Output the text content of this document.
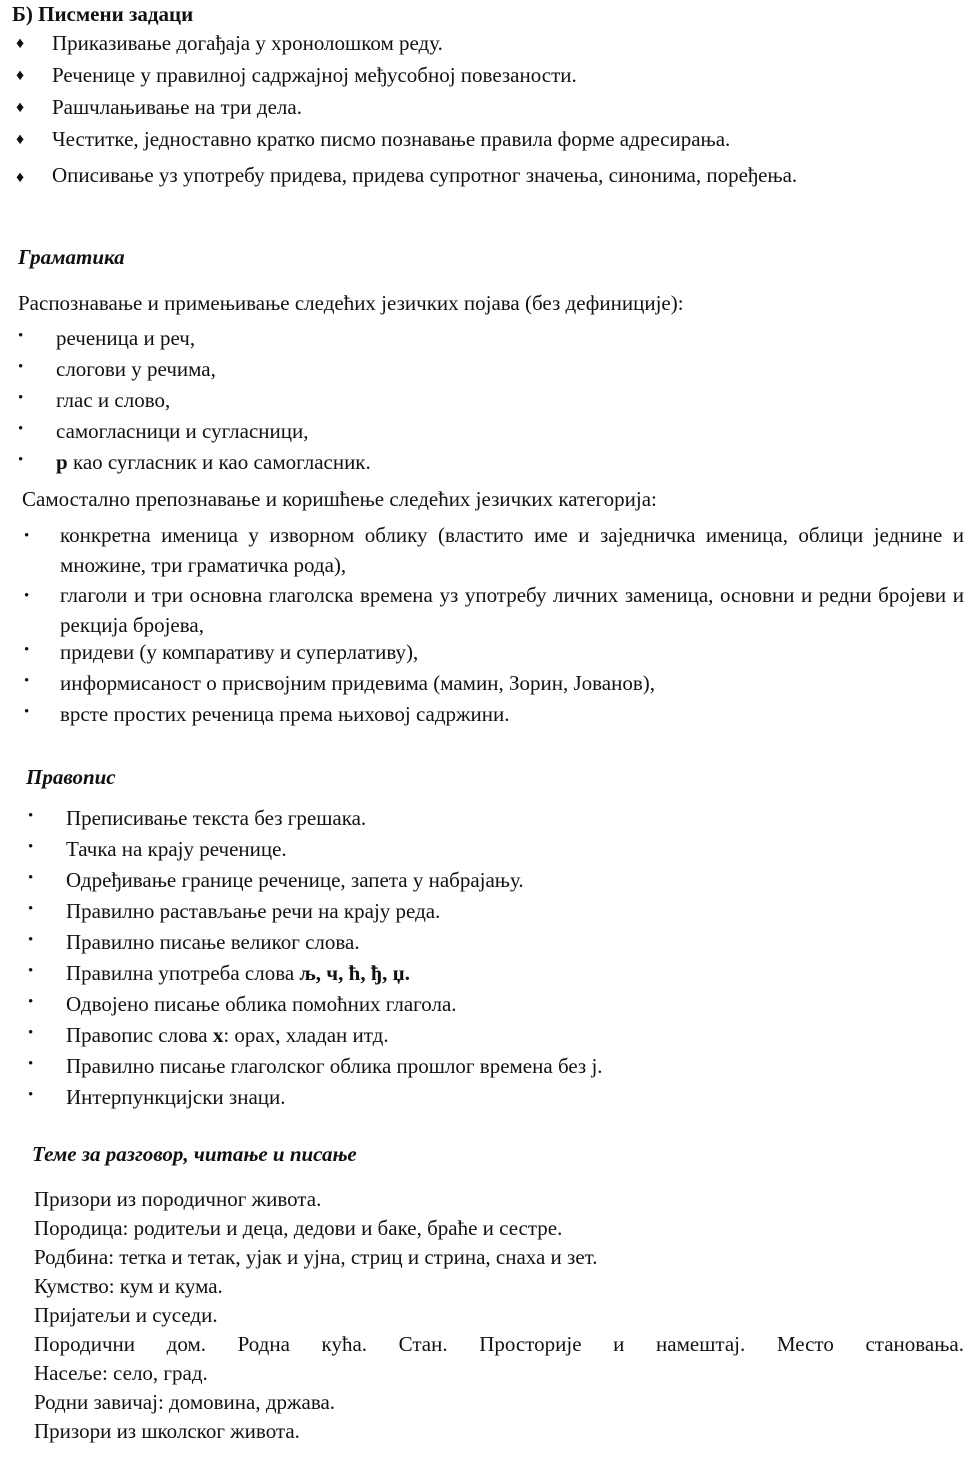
Б) Писмени задаци
♦ Приказивање догађаја у хронолошком реду.
♦ Реченице у правилној садржајној међусобној повезаности.
♦ Рашчлањивање на три дела.
♦ Честитке, једноставно кратко писмо познавање правила форме адресирања.
♦ Описивање уз употребу придева, придева супротног значења, синонима, поређења.
Граматика
Распознавање и примењивање следећих језичких појава (без дефиниције):
• реченица и реч,
• слогови у речима,
• глас и слово,
• самогласници и сугласници,
• р као сугласник и као самогласник.
Самостално препознавање и коришћење следећих језичких категорија:
• конкретна именица у изворном облику (властито име и заједничка именица, облици једнине и множине, три граматичка рода),
• глаголи и три основна глаголска времена уз употребу личних заменица, основни и редни бројеви и рекција бројева,
• придеви (у компаративу и суперлативу),
• информисаност о присвојним придевима (мамин, Зорин, Јованов),
• врсте простих реченица према њиховој садржини.
Правопис
• Преписивање текста без грешака.
• Тачка на крају реченице.
• Одређивање границе реченице, запета у набрајању.
• Правилно растављање речи на крају реда.
• Правилно писање великог слова.
• Правилна употреба слова љ, ч, ћ, ђ, џ.
• Одвојено писање облика помоћних глагола.
• Правопис слова х: орах, хладан итд.
• Правилно писање глаголског облика прошлог времена без ј.
• Интерпункцијски знаци.
Теме за разговор, читање и писање
Призори из породичног живота.
Породица: родитељи и деца, дедови и баке, браће и сестре.
Родбина: тетка и тетак, ујак и ујна, стриц и стрина, снаха и зет.
Кумство: кум и кума.
Пријатељи и суседи.
Породични дом. Родна кућа. Стан. Просторије и намештај. Место становања.
Насеље: село, град.
Родни завичај: домовина, држава.
Призори из школског живота.
